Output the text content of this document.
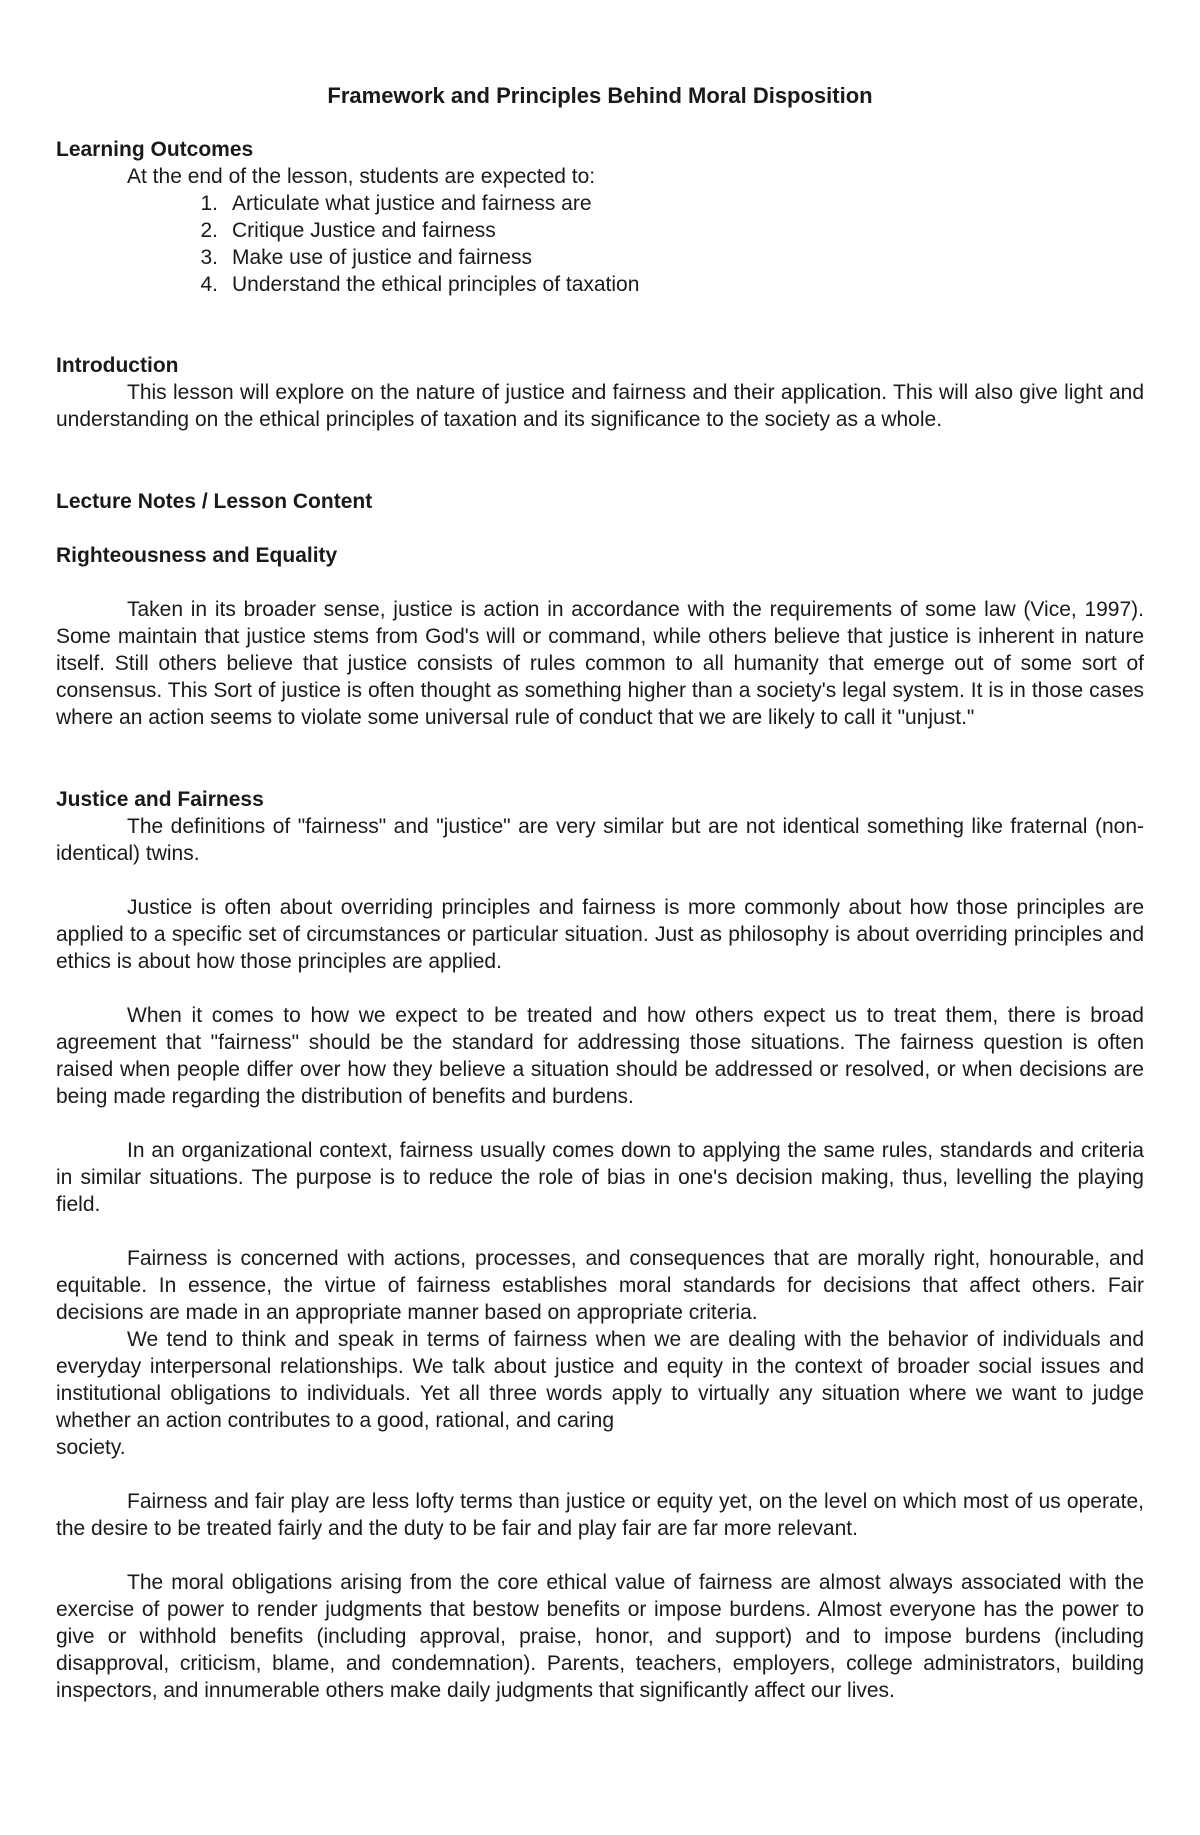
Framework and Principles Behind Moral Disposition
Learning Outcomes
At the end of the lesson, students are expected to:
1. Articulate what justice and fairness are
2. Critique Justice and fairness
3. Make use of justice and fairness
4. Understand the ethical principles of taxation
Introduction
This lesson will explore on the nature of justice and fairness and their application. This will also give light and understanding on the ethical principles of taxation and its significance to the society as a whole.
Lecture Notes / Lesson Content
Righteousness and Equality
Taken in its broader sense, justice is action in accordance with the requirements of some law (Vice, 1997). Some maintain that justice stems from God's will or command, while others believe that justice is inherent in nature itself. Still others believe that justice consists of rules common to all humanity that emerge out of some sort of consensus. This Sort of justice is often thought as something higher than a society's legal system. It is in those cases where an action seems to violate some universal rule of conduct that we are likely to call it "unjust."
Justice and Fairness
The definitions of "fairness" and "justice" are very similar but are not identical something like fraternal (non-identical) twins.
Justice is often about overriding principles and fairness is more commonly about how those principles are applied to a specific set of circumstances or particular situation. Just as philosophy is about overriding principles and ethics is about how those principles are applied.
When it comes to how we expect to be treated and how others expect us to treat them, there is broad agreement that "fairness" should be the standard for addressing those situations. The fairness question is often raised when people differ over how they believe a situation should be addressed or resolved, or when decisions are being made regarding the distribution of benefits and burdens.
In an organizational context, fairness usually comes down to applying the same rules, standards and criteria in similar situations. The purpose is to reduce the role of bias in one's decision making, thus, levelling the playing field.
Fairness is concerned with actions, processes, and consequences that are morally right, honourable, and equitable. In essence, the virtue of fairness establishes moral standards for decisions that affect others. Fair decisions are made in an appropriate manner based on appropriate criteria.
We tend to think and speak in terms of fairness when we are dealing with the behavior of individuals and everyday interpersonal relationships. We talk about justice and equity in the context of broader social issues and institutional obligations to individuals. Yet all three words apply to virtually any situation where we want to judge whether an action contributes to a good, rational, and caring
society.
Fairness and fair play are less lofty terms than justice or equity yet, on the level on which most of us operate, the desire to be treated fairly and the duty to be fair and play fair are far more relevant.
The moral obligations arising from the core ethical value of fairness are almost always associated with the exercise of power to render judgments that bestow benefits or impose burdens. Almost everyone has the power to give or withhold benefits (including approval, praise, honor, and support) and to impose burdens (including disapproval, criticism, blame, and condemnation). Parents, teachers, employers, college administrators, building inspectors, and innumerable others make daily judgments that significantly affect our lives.
